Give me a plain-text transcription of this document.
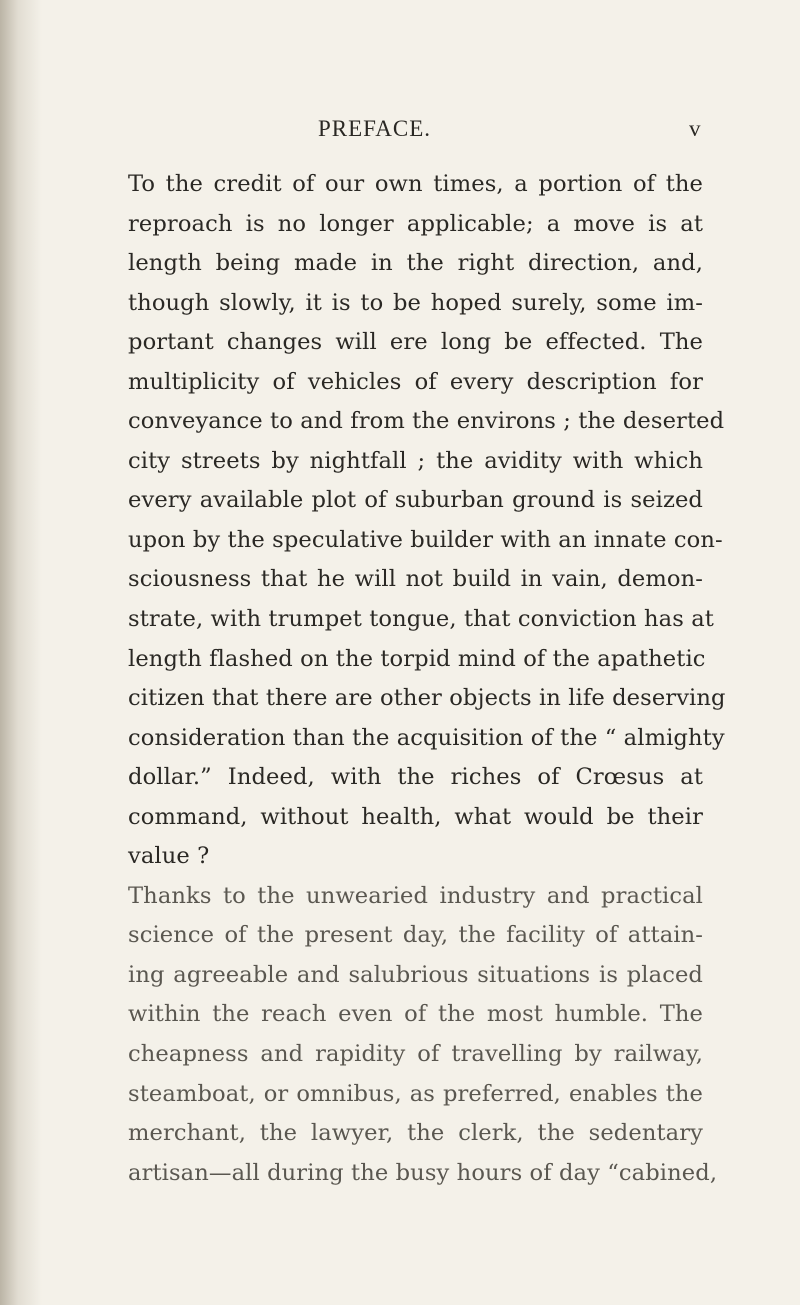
PREFACE.	v
To the credit of our own times, a portion of the
reproach is no longer applicable; a move is at
length being made in the right direction, and,
though slowly, it is to be hoped surely, some im-
portant changes will ere long be effected. The
multiplicity of vehicles of every description for
conveyance to and from the environs ; the deserted
city streets by nightfall ; the avidity with which
every available plot of suburban ground is seized
upon by the speculative builder with an innate con-
sciousness that he will not build in vain, demon-
strate, with trumpet tongue, that conviction has at
length flashed on the torpid mind of the apathetic
citizen that there are other objects in life deserving
consideration than the acquisition of the “ almighty
dollar.” Indeed, with the riches of Crœsus at
command, without health, what would be their
value ?
Thanks to the unwearied industry and practical
science of the present day, the facility of attain-
ing agreeable and salubrious situations is placed
within the reach even of the most humble. The
cheapness and rapidity of travelling by railway,
steamboat, or omnibus, as preferred, enables the
merchant, the lawyer, the clerk, the sedentary
artisan—all during the busy hours of day “cabined,
